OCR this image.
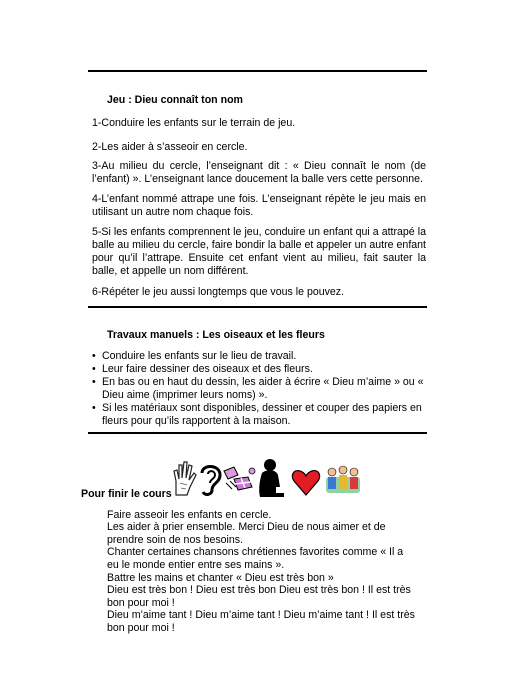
Jeu : Dieu connaît ton nom
1-Conduire les enfants sur le terrain de jeu.
2-Les aider à s’asseoir en cercle.
3-Au milieu du cercle, l’enseignant dit : « Dieu connaît le nom (de l’enfant) ». L’enseignant lance doucement la balle vers cette personne.
4-L’enfant nommé attrape une fois. L’enseignant répète le jeu mais en utilisant un autre nom chaque fois.
5-Si les enfants comprennent le jeu, conduire un enfant qui a attrapé la balle au milieu du cercle, faire bondir la balle et appeler un autre enfant pour qu’il l’attrape. Ensuite cet enfant vient au milieu, fait sauter la balle, et appelle un nom différent.
6-Répéter le jeu aussi longtemps que vous le pouvez.
Travaux manuels : Les oiseaux et les fleurs

• Conduire les enfants sur le lieu de travail.

• Leur faire dessiner des oiseaux et des fleurs.

• En bas ou en haut du dessin, les aider à écrire « Dieu m’aime » ou « Dieu aime (imprimer leurs noms) ».

• Si les matériaux sont disponibles, dessiner et couper des papiers en fleurs pour qu’ils rapportent à la maison.

Pour finir le cours
Faire asseoir les enfants en cercle.
Les aider à prier ensemble. Merci Dieu de nous aimer et de prendre soin de nos besoins.
Chanter certaines chansons chrétiennes favorites comme « Il a eu le monde entier entre ses mains ».
Battre les mains et chanter « Dieu est très bon »
Dieu est très bon ! Dieu est très bon Dieu est très bon ! Il est très bon pour moi !
Dieu m’aime tant ! Dieu m’aime tant ! Dieu m’aime tant ! Il est très bon pour moi !
